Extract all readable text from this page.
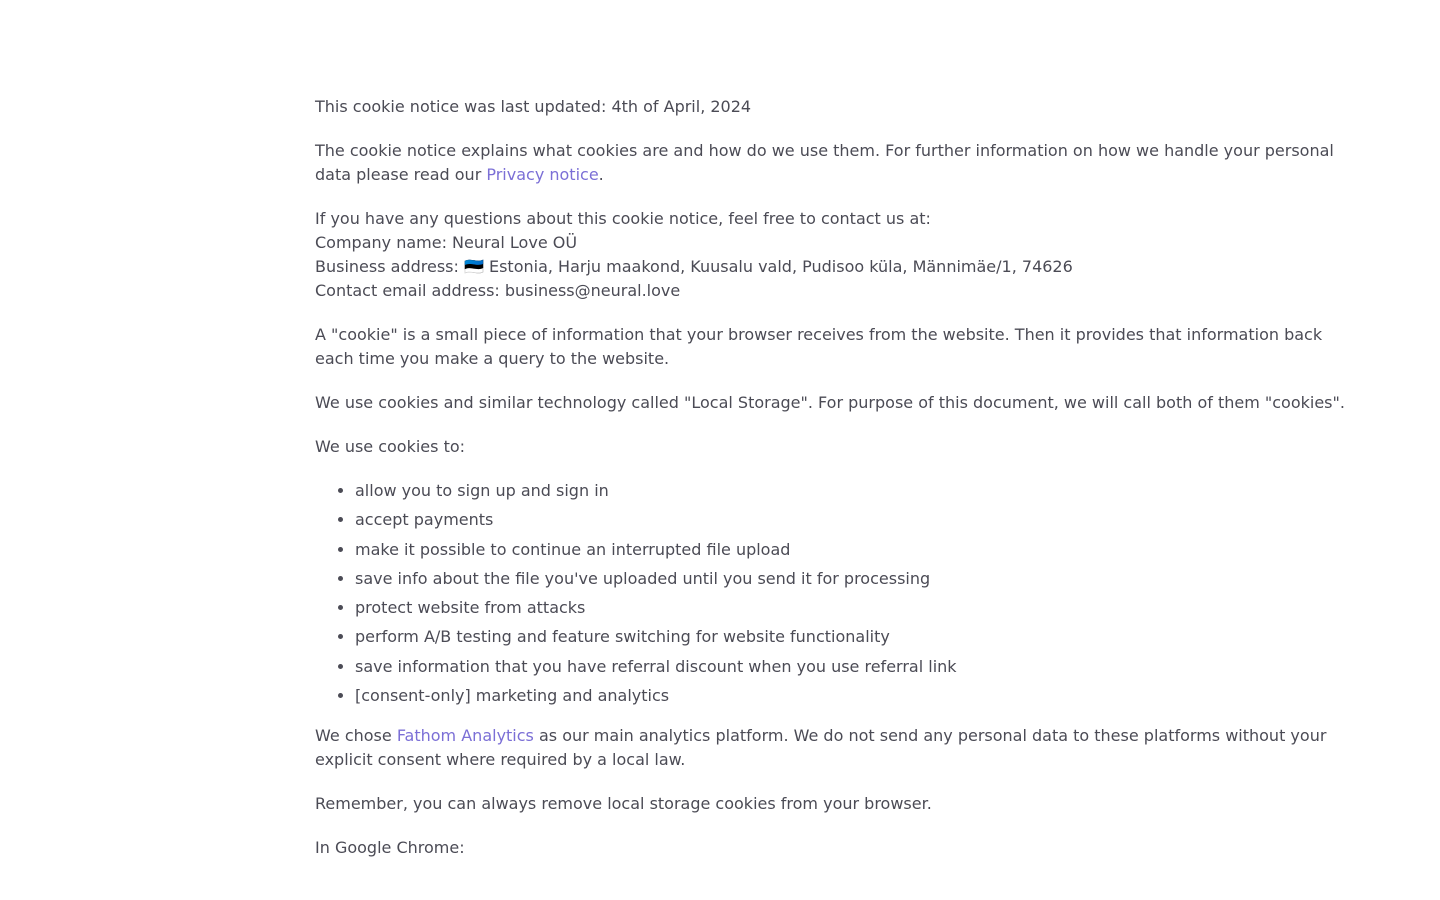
This cookie notice was last updated: 4th of April, 2024

The cookie notice explains what cookies are and how do we use them. For further information on how we handle your personal data please read our Privacy notice.

If you have any questions about this cookie notice, feel free to contact us at:
Company name: Neural Love OÜ
Business address: 🇪🇪 Estonia, Harju maakond, Kuusalu vald, Pudisoo küla, Männimäe/1, 74626
Contact email address: business@neural.love

A "cookie" is a small piece of information that your browser receives from the website. Then it provides that information back each time you make a query to the website.

We use cookies and similar technology called "Local Storage". For purpose of this document, we will call both of them "cookies".

We use cookies to:

• allow you to sign up and sign in
• accept payments
• make it possible to continue an interrupted file upload
• save info about the file you've uploaded until you send it for processing
• protect website from attacks
• perform A/B testing and feature switching for website functionality
• save information that you have referral discount when you use referral link
• [consent-only] marketing and analytics

We chose Fathom Analytics as our main analytics platform. We do not send any personal data to these platforms without your explicit consent where required by a local law.

Remember, you can always remove local storage cookies from your browser.

In Google Chrome:
